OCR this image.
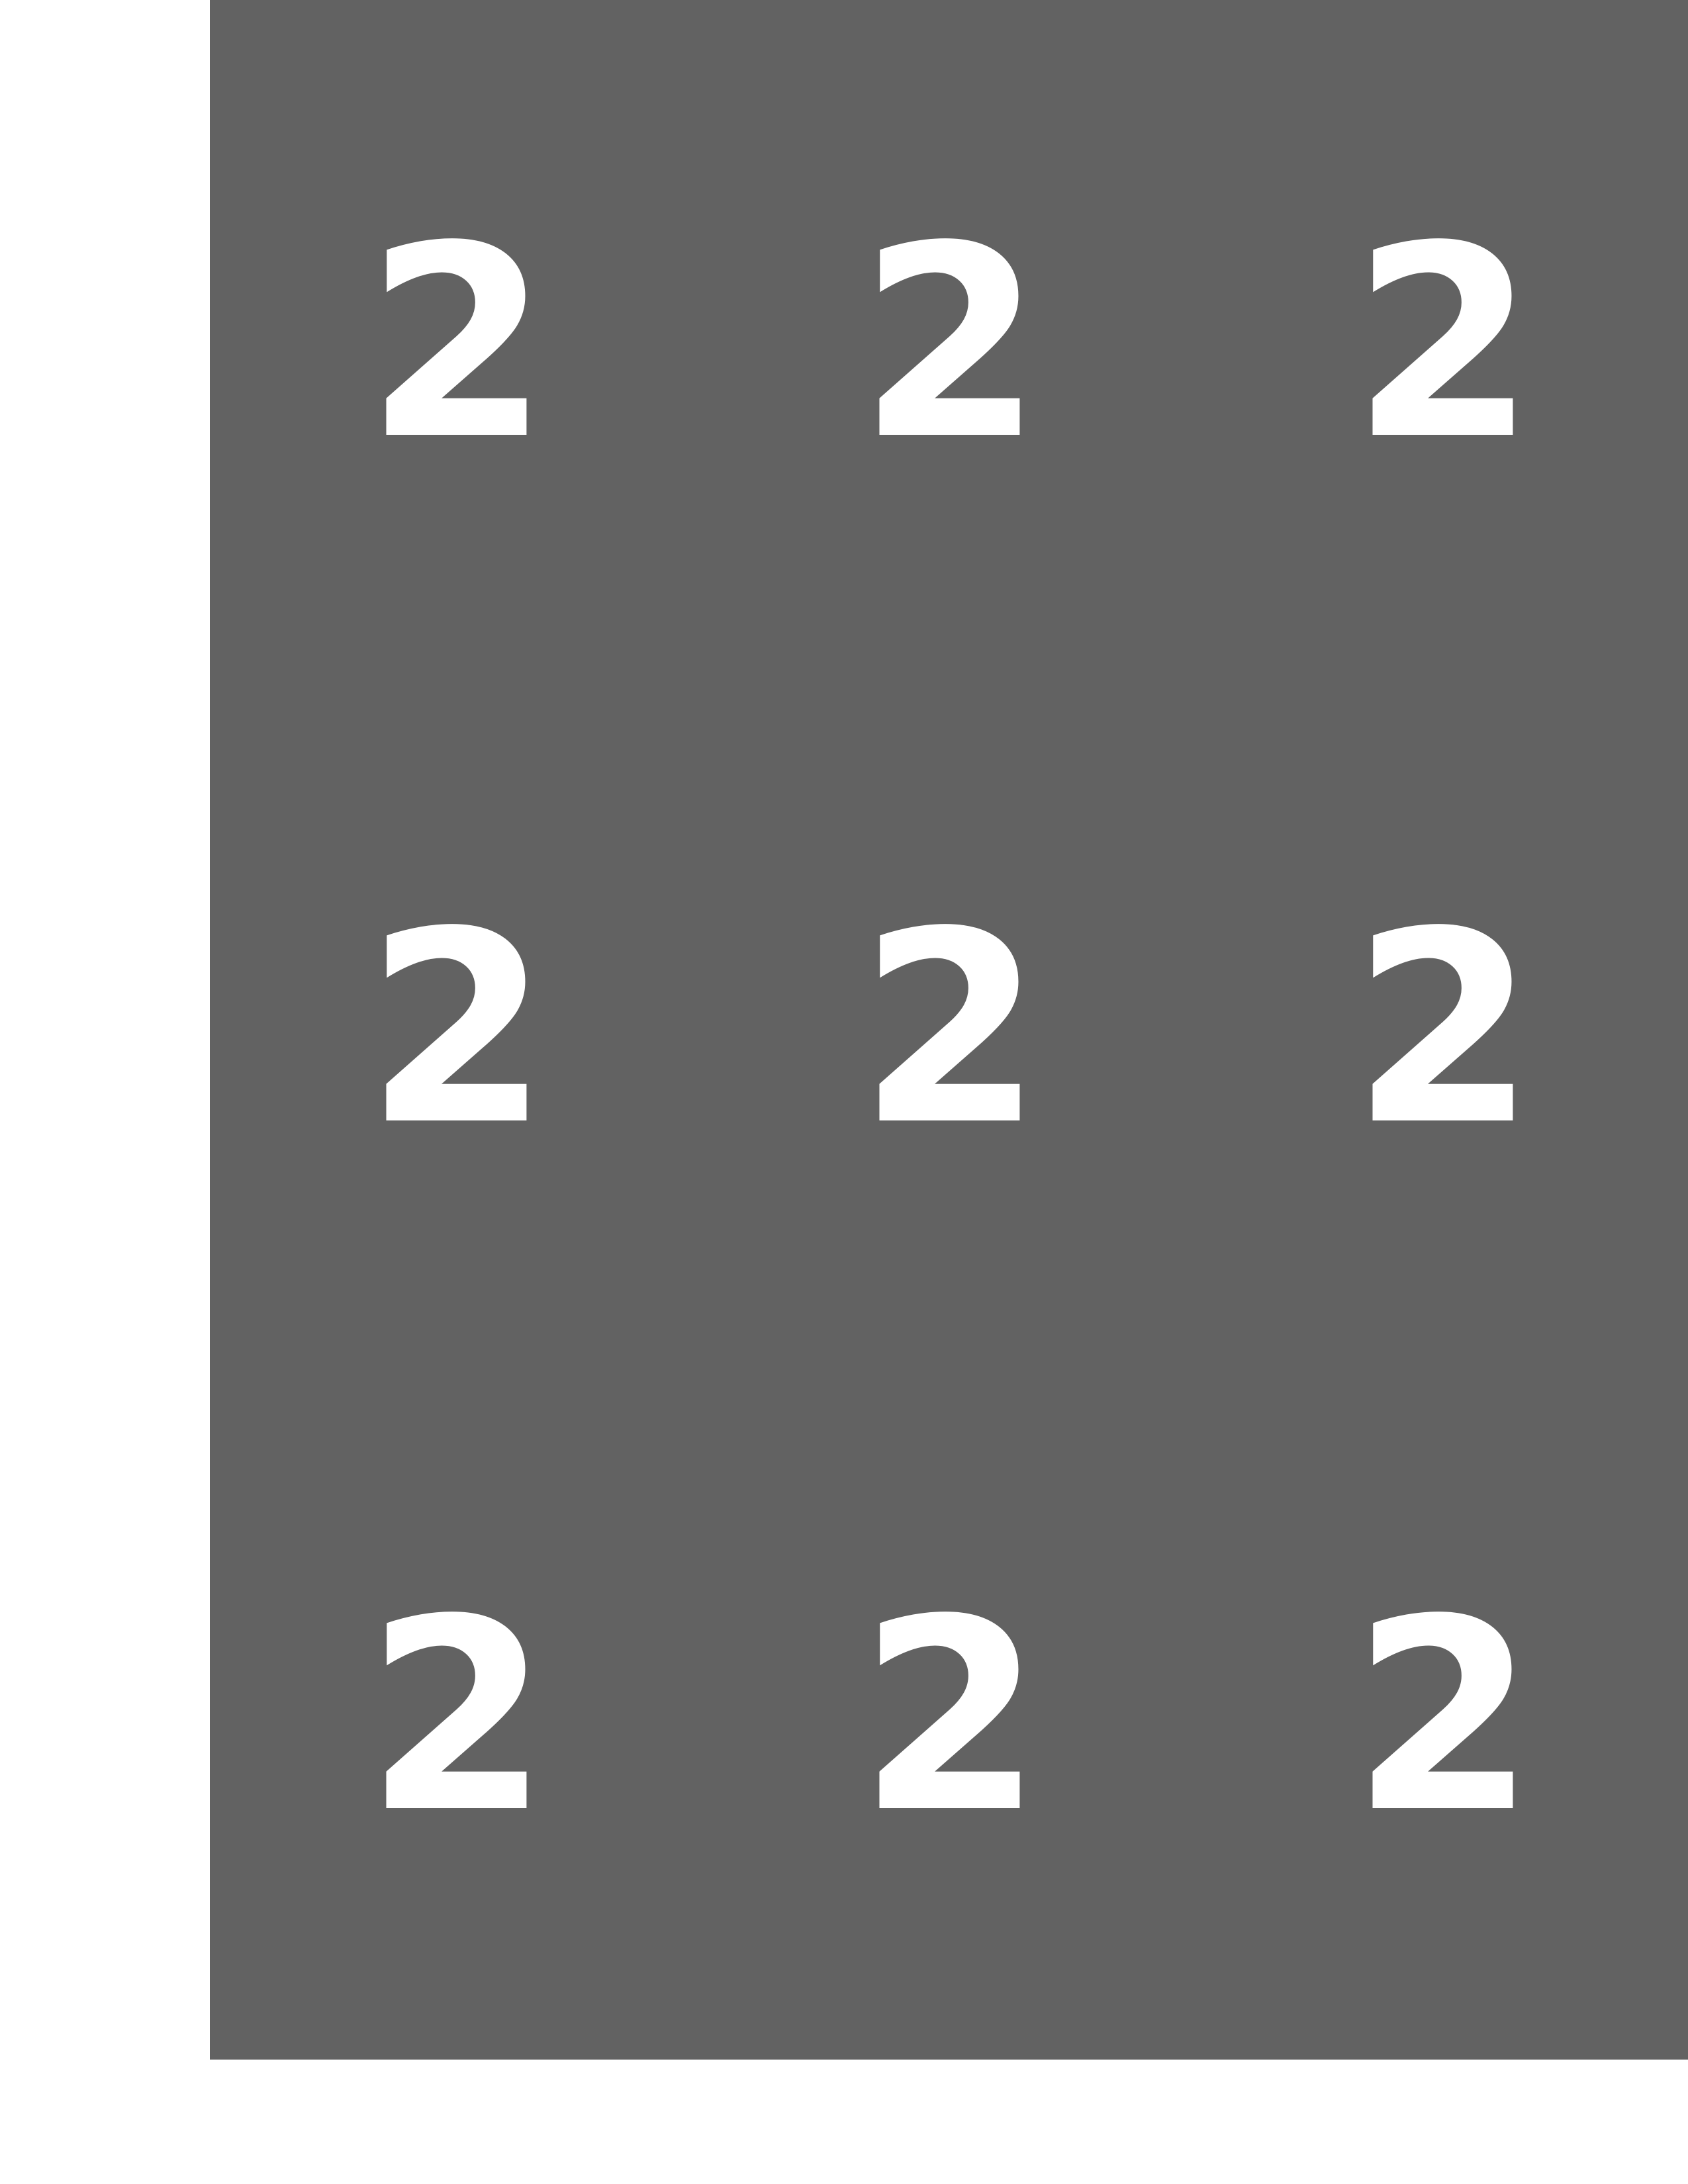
2 2 2
2 2 2
2 2 2
